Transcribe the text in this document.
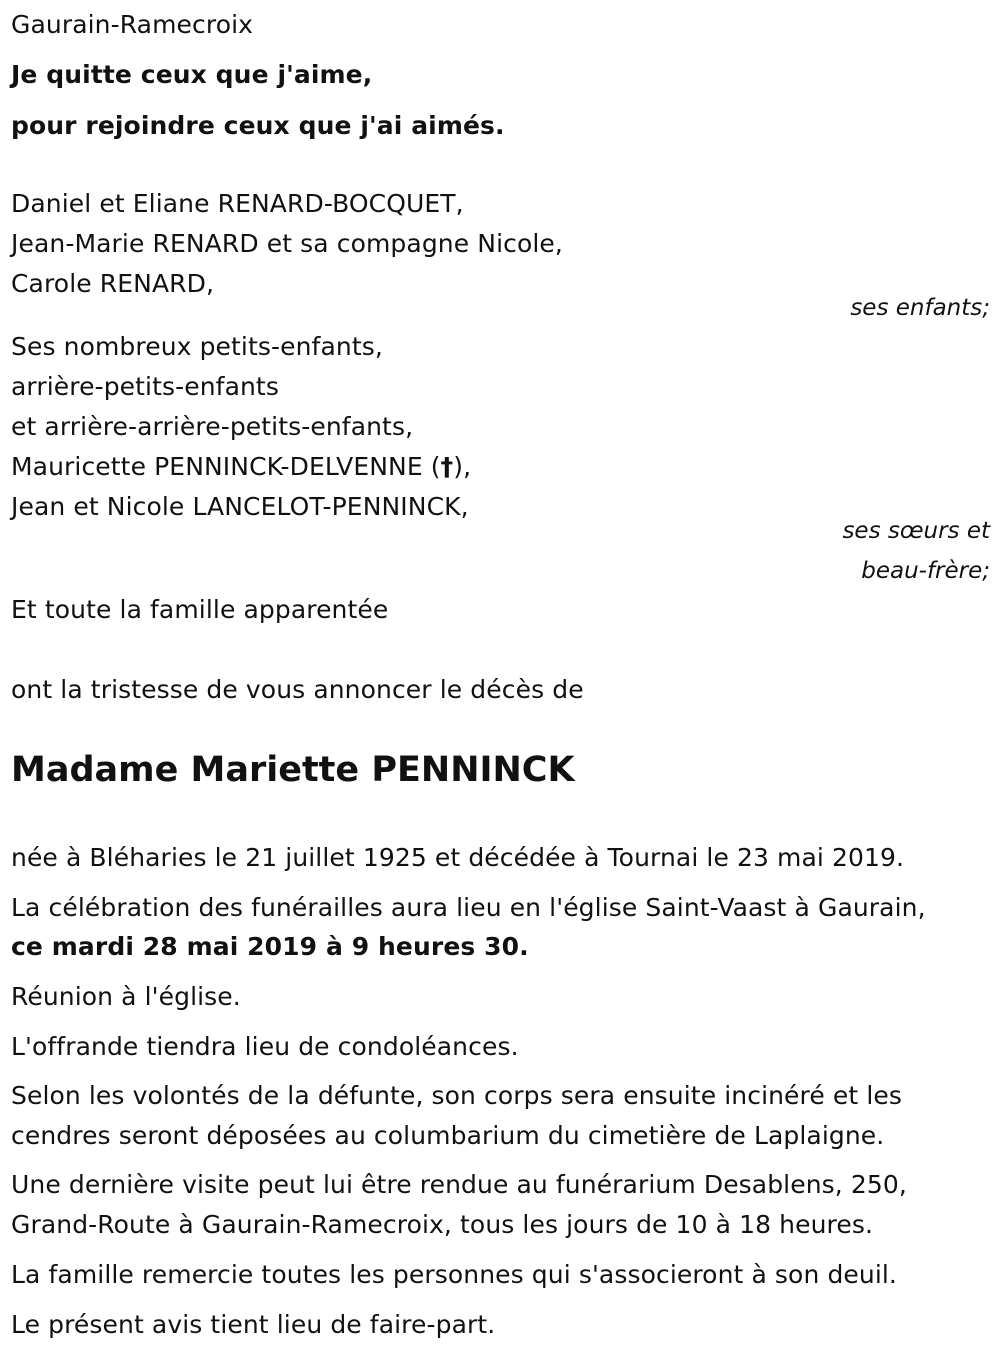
Gaurain-Ramecroix
Je quitte ceux que j'aime,
pour rejoindre ceux que j'ai aimés.
Daniel et Eliane RENARD-BOCQUET,
Jean-Marie RENARD et sa compagne Nicole,
Carole RENARD,
ses enfants;
Ses nombreux petits-enfants,
arrière-petits-enfants
et arrière-arrière-petits-enfants,
Mauricette PENNINCK-DELVENNE (†),
Jean et Nicole LANCELOT-PENNINCK,
ses sœurs et
beau-frère;
Et toute la famille apparentée
ont la tristesse de vous annoncer le décès de
Madame Mariette PENNINCK
née à Bléharies le 21 juillet 1925 et décédée à Tournai le 23 mai 2019.
La célébration des funérailles aura lieu en l'église Saint-Vaast à Gaurain,
ce mardi 28 mai 2019 à 9 heures 30.
Réunion à l'église.
L'offrande tiendra lieu de condoléances.
Selon les volontés de la défunte, son corps sera ensuite incinéré et les
cendres seront déposées au columbarium du cimetière de Laplaigne.
Une dernière visite peut lui être rendue au funérarium Desablens, 250,
Grand-Route à Gaurain-Ramecroix, tous les jours de 10 à 18 heures.
La famille remercie toutes les personnes qui s'associeront à son deuil.
Le présent avis tient lieu de faire-part.
